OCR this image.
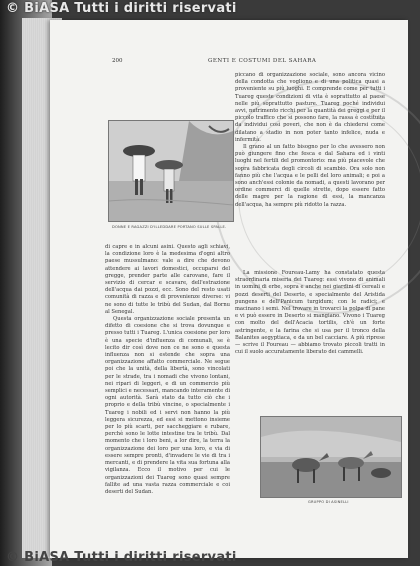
200	GENTI E COSTUMI DEL SAHARA
DONNE E RAGAZZI D'ILLEDDARE PORTANO SULLE SPALLE.

piccano di organizzazione sociale, sono ancora vicino della condotta che vogliono e di una politica quasi a proveniente su più luoghi. E comprende come per tutti i Tuareg queste condizioni di vita è soprattutto al paese nelle più soprattutto pasture. Tuareg poché individui avvi, nutrimento ricchi per la quantità dei greggi e per il piccolo traffico che si possono fare, la rassa è costituita da individui così poveri, che non è da chiedersi come dilatano a stadio in non poter tanto infelice, nuda e infermità.

Il grano al un fatto bisogno per lo che avessero non può giungere fino che fesca e dal Sahara ed i vinti luoghi nel fertili del promontorio: ma più piacevole che sopra fabbricata degli circoli di scambio. Ora solo non fanno più che l'acqua e le pelli del loro animali; e poi a sono anch'essi colonie da nomadi, a questi lavorano per ordine commerci di quelle strette, dopo essere fatto delle magre per la ragione di essi, la mancanza dell'acqua, ha sempre più ridotto la razza.

La missione Foureau-Lamy ha constatato questa straordinaria miseria dei Tuareg: essi vivono di animali in uomini di erbe, sopra e anche nei giardini di cereali e pozzi deserti del Deserto, e specialmente del Aristida pungens e dell'Panicum turgidum; con le radici; e macinano i semi. Nel trovare in trovarci la polpa di pane e vi può essere in Deserto si mangiano. Vivono i Tuareg con molto del dell'Acacia tortilis, ch'è un forte astringente, e la farina che si usa per il tronco della Balanites aegyptiaca, e da un bel cacciare. A più riprese — scrive il Foureau — abbiamo trovato piccoli tratti in cui il suolo accuratamente liberato dei cammelli.

di capre e in alcuni asini. Questo agli schiavi, la condizione loro è la medesima d'ogni altro paese mussulmano: vale a dire che devono attendere ai lavori domestici, occuparsi del gregge, prender parte alle carovane, fare il servizio di cercar e scavare, dell'estrazione dell'acqua dai pozzi, ecc. Sono del resto usati comunità di razza e di provenienze diverse: vi ne sono di tutte le tribù del Sudan, dal Bornu al Senegal.

Questa organizzazione sociale presenta un difetto di coesione che si trova dovunque e presso tutti i Tuareg. L'unica coesione per loro è una specie d'influenza di comunali, se è lecito dir così dove non ce ne sono e questa influenza non si estende che sopra una organizzazione affatto commerciale. Ne segue poi che la unità, della libertà, sono vincolati per le strade, tra i nomadi che vivono lontani, nei ripari di leggeri, e di un commercio più semplici e necessari, mancando interamente di ogni autorità. Sarà stato da tutto ciò che i proprio e della tribù vincine, o specialmente i Tuareg i nobili ed i servi non hanno la più leggera sicurezza, ed essi si mettono insieme per lo più scarti, per saccheggiare e rubare, perchè sono le lotte intestine tra le tribù. Dal momento che i loro beni, a lor dire, la terra la organizzazione dei loro per una loro, e via di essere sempre pronti, d'invadere le vie di tra i mercanti, e di prendere la vita sua fortuna alla vigilanza. Ecco il motivo per cui le organizzazioni dei Tuareg sono quasi sempre fallite ad una vasta razza commerciale e coi deserti del Sudan.

GRUPPO DI ASINELLI
© BiASA Tutti i diritti riservati
© BiASA Tutti i diritti riservati
